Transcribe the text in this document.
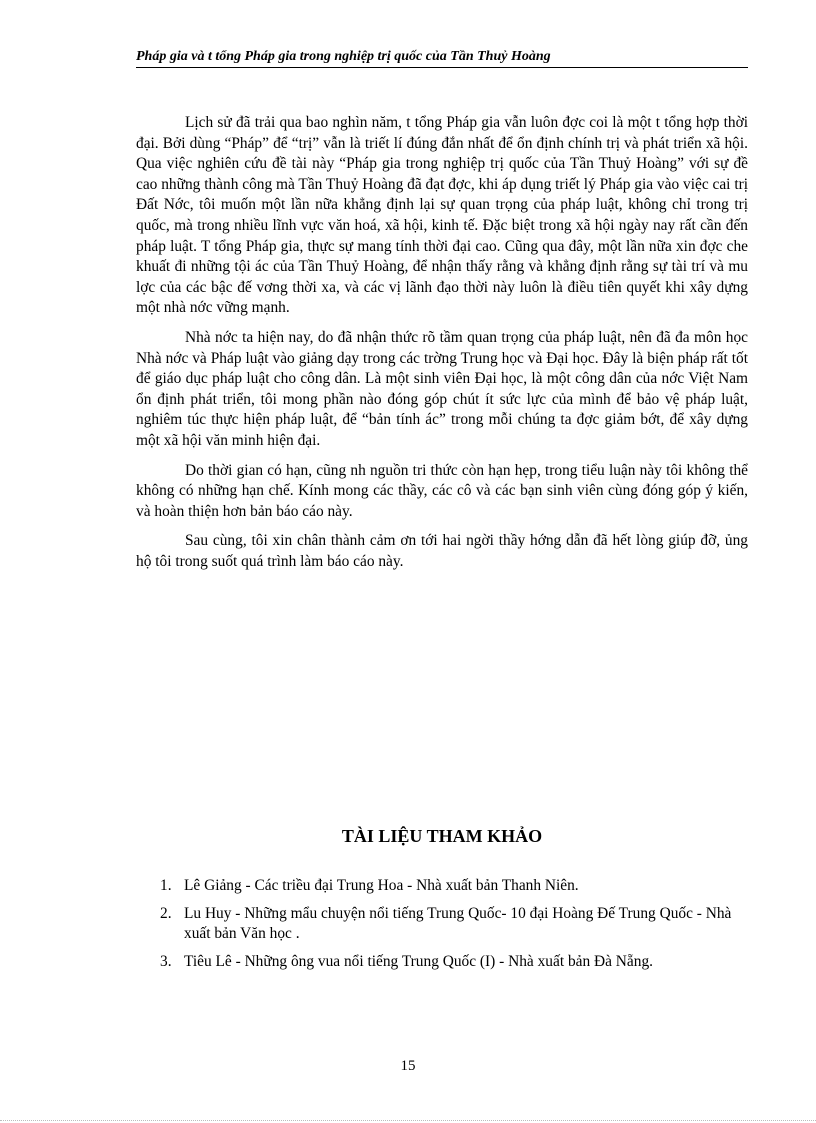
Pháp gia và t tổng Pháp gia trong nghiệp trị quốc của Tần Thuỷ Hoàng

Lịch sử đã trải qua bao nghìn năm, t tổng Pháp gia vẫn luôn đợc coi là một t tổng hợp thời đại. Bởi dùng “Pháp” để “trị” vẫn là triết lí đúng đắn nhất để ổn định chính trị và phát triển xã hội. Qua việc nghiên cứu đề tài này “Pháp gia trong nghiệp trị quốc của Tần Thuỷ Hoàng” với sự đề cao những thành công mà Tần Thuỷ Hoàng đã đạt đợc, khi áp dụng triết lý Pháp gia vào việc cai trị Đất Nớc, tôi muốn một lần nữa khẳng định lại sự quan trọng của pháp luật, không chỉ trong trị quốc, mà trong nhiều lĩnh vực văn hoá, xã hội, kinh tế. Đặc biệt trong xã hội ngày nay rất cần đến pháp luật. T tổng Pháp gia, thực sự mang tính thời đại cao. Cũng qua đây, một lần nữa xin đợc che khuất đi những tội ác của Tần Thuỷ Hoàng, để nhận thấy rằng và khẳng định rằng sự tài trí và mu lợc của các bậc đế vơng thời xa, và các vị lãnh đạo thời này luôn là điều tiên quyết khi xây dựng một nhà nớc vững mạnh.

Nhà nớc ta hiện nay, do đã nhận thức rõ tầm quan trọng của pháp luật, nên đã đa môn học Nhà nớc và Pháp luật vào giảng dạy trong các trờng Trung học và Đại học. Đây là biện pháp rất tốt để giáo dục pháp luật cho công dân. Là một sinh viên Đại học, là một công dân của nớc Việt Nam ổn định phát triển, tôi mong phần nào đóng góp chút ít sức lực của mình để bảo vệ pháp luật, nghiêm túc thực hiện pháp luật, để “bản tính ác” trong mỗi chúng ta đợc giảm bớt, để xây dựng một xã hội văn minh hiện đại.

Do thời gian có hạn, cũng nh nguồn tri thức còn hạn hẹp, trong tiểu luận này tôi không thể không có những hạn chế. Kính mong các thầy, các cô và các bạn sinh viên cùng đóng góp ý kiến, và hoàn thiện hơn bản báo cáo này.

Sau cùng, tôi xin chân thành cảm ơn tới hai ngời thầy hớng dẫn đã hết lòng giúp đỡ, ủng hộ tôi trong suốt quá trình làm báo cáo này.

TÀI LIỆU THAM KHẢO
1. Lê Giảng - Các triều đại Trung Hoa - Nhà xuất bản Thanh Niên.
2. Lu Huy - Những mẩu chuyện nổi tiếng Trung Quốc- 10 đại Hoàng Đế Trung Quốc - Nhà xuất bản Văn học .
3. Tiêu Lê - Những ông vua nổi tiếng Trung Quốc (I) - Nhà xuất bản Đà Nẵng.
15
